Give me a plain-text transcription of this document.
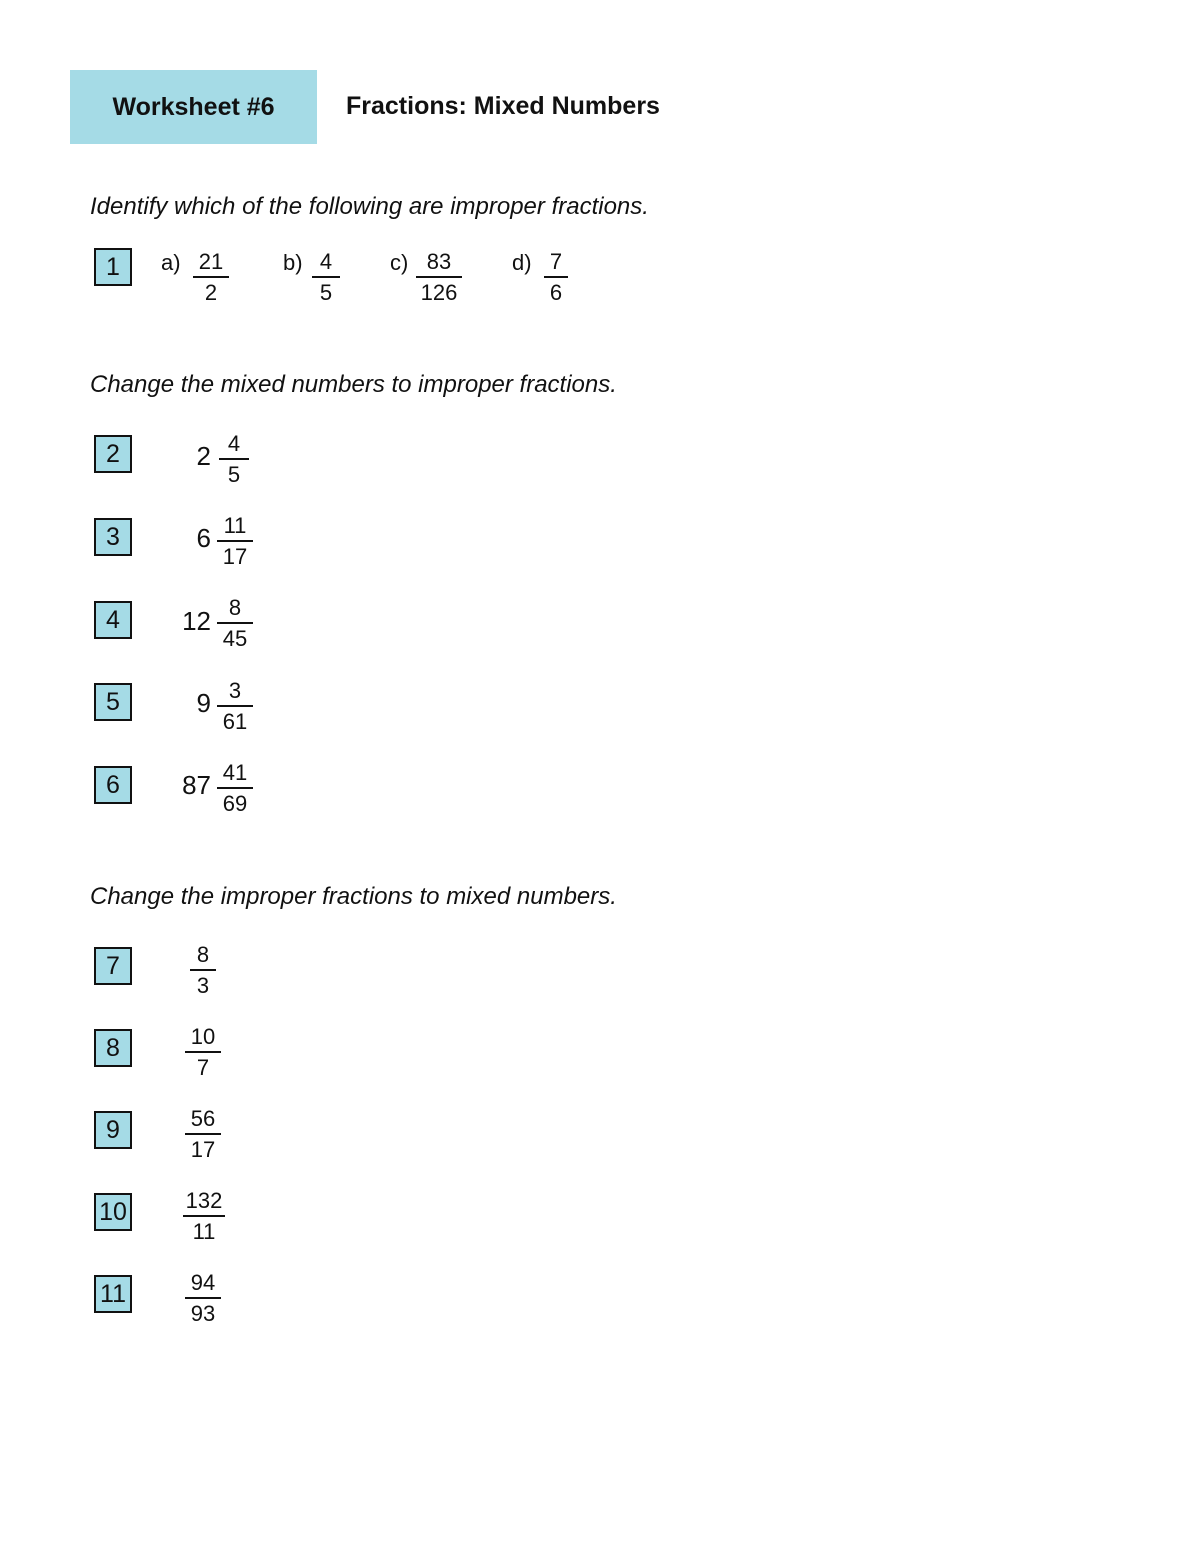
Worksheet #6	Fractions: Mixed Numbers
Identify which of the following are improper fractions.
1 $a) \frac{21}{2} b) \frac{4}{5} c) \frac{83}{126} d) \frac{7}{6}$
Change the mixed numbers to improper fractions.
2	$2 \frac{4}{5}$
3	$6 \frac{11}{17}$
4	$12 \frac{8}{45}$
5	$9 \frac{3}{61}$
6	$87 \frac{41}{69}$
Change the improper fractions to mixed numbers.
7	$\frac{8}{3}$
8	$\frac{10}{7}$
9	$\frac{56}{17}$
10	$\frac{132}{11}$
11	$\frac{94}{93}$
